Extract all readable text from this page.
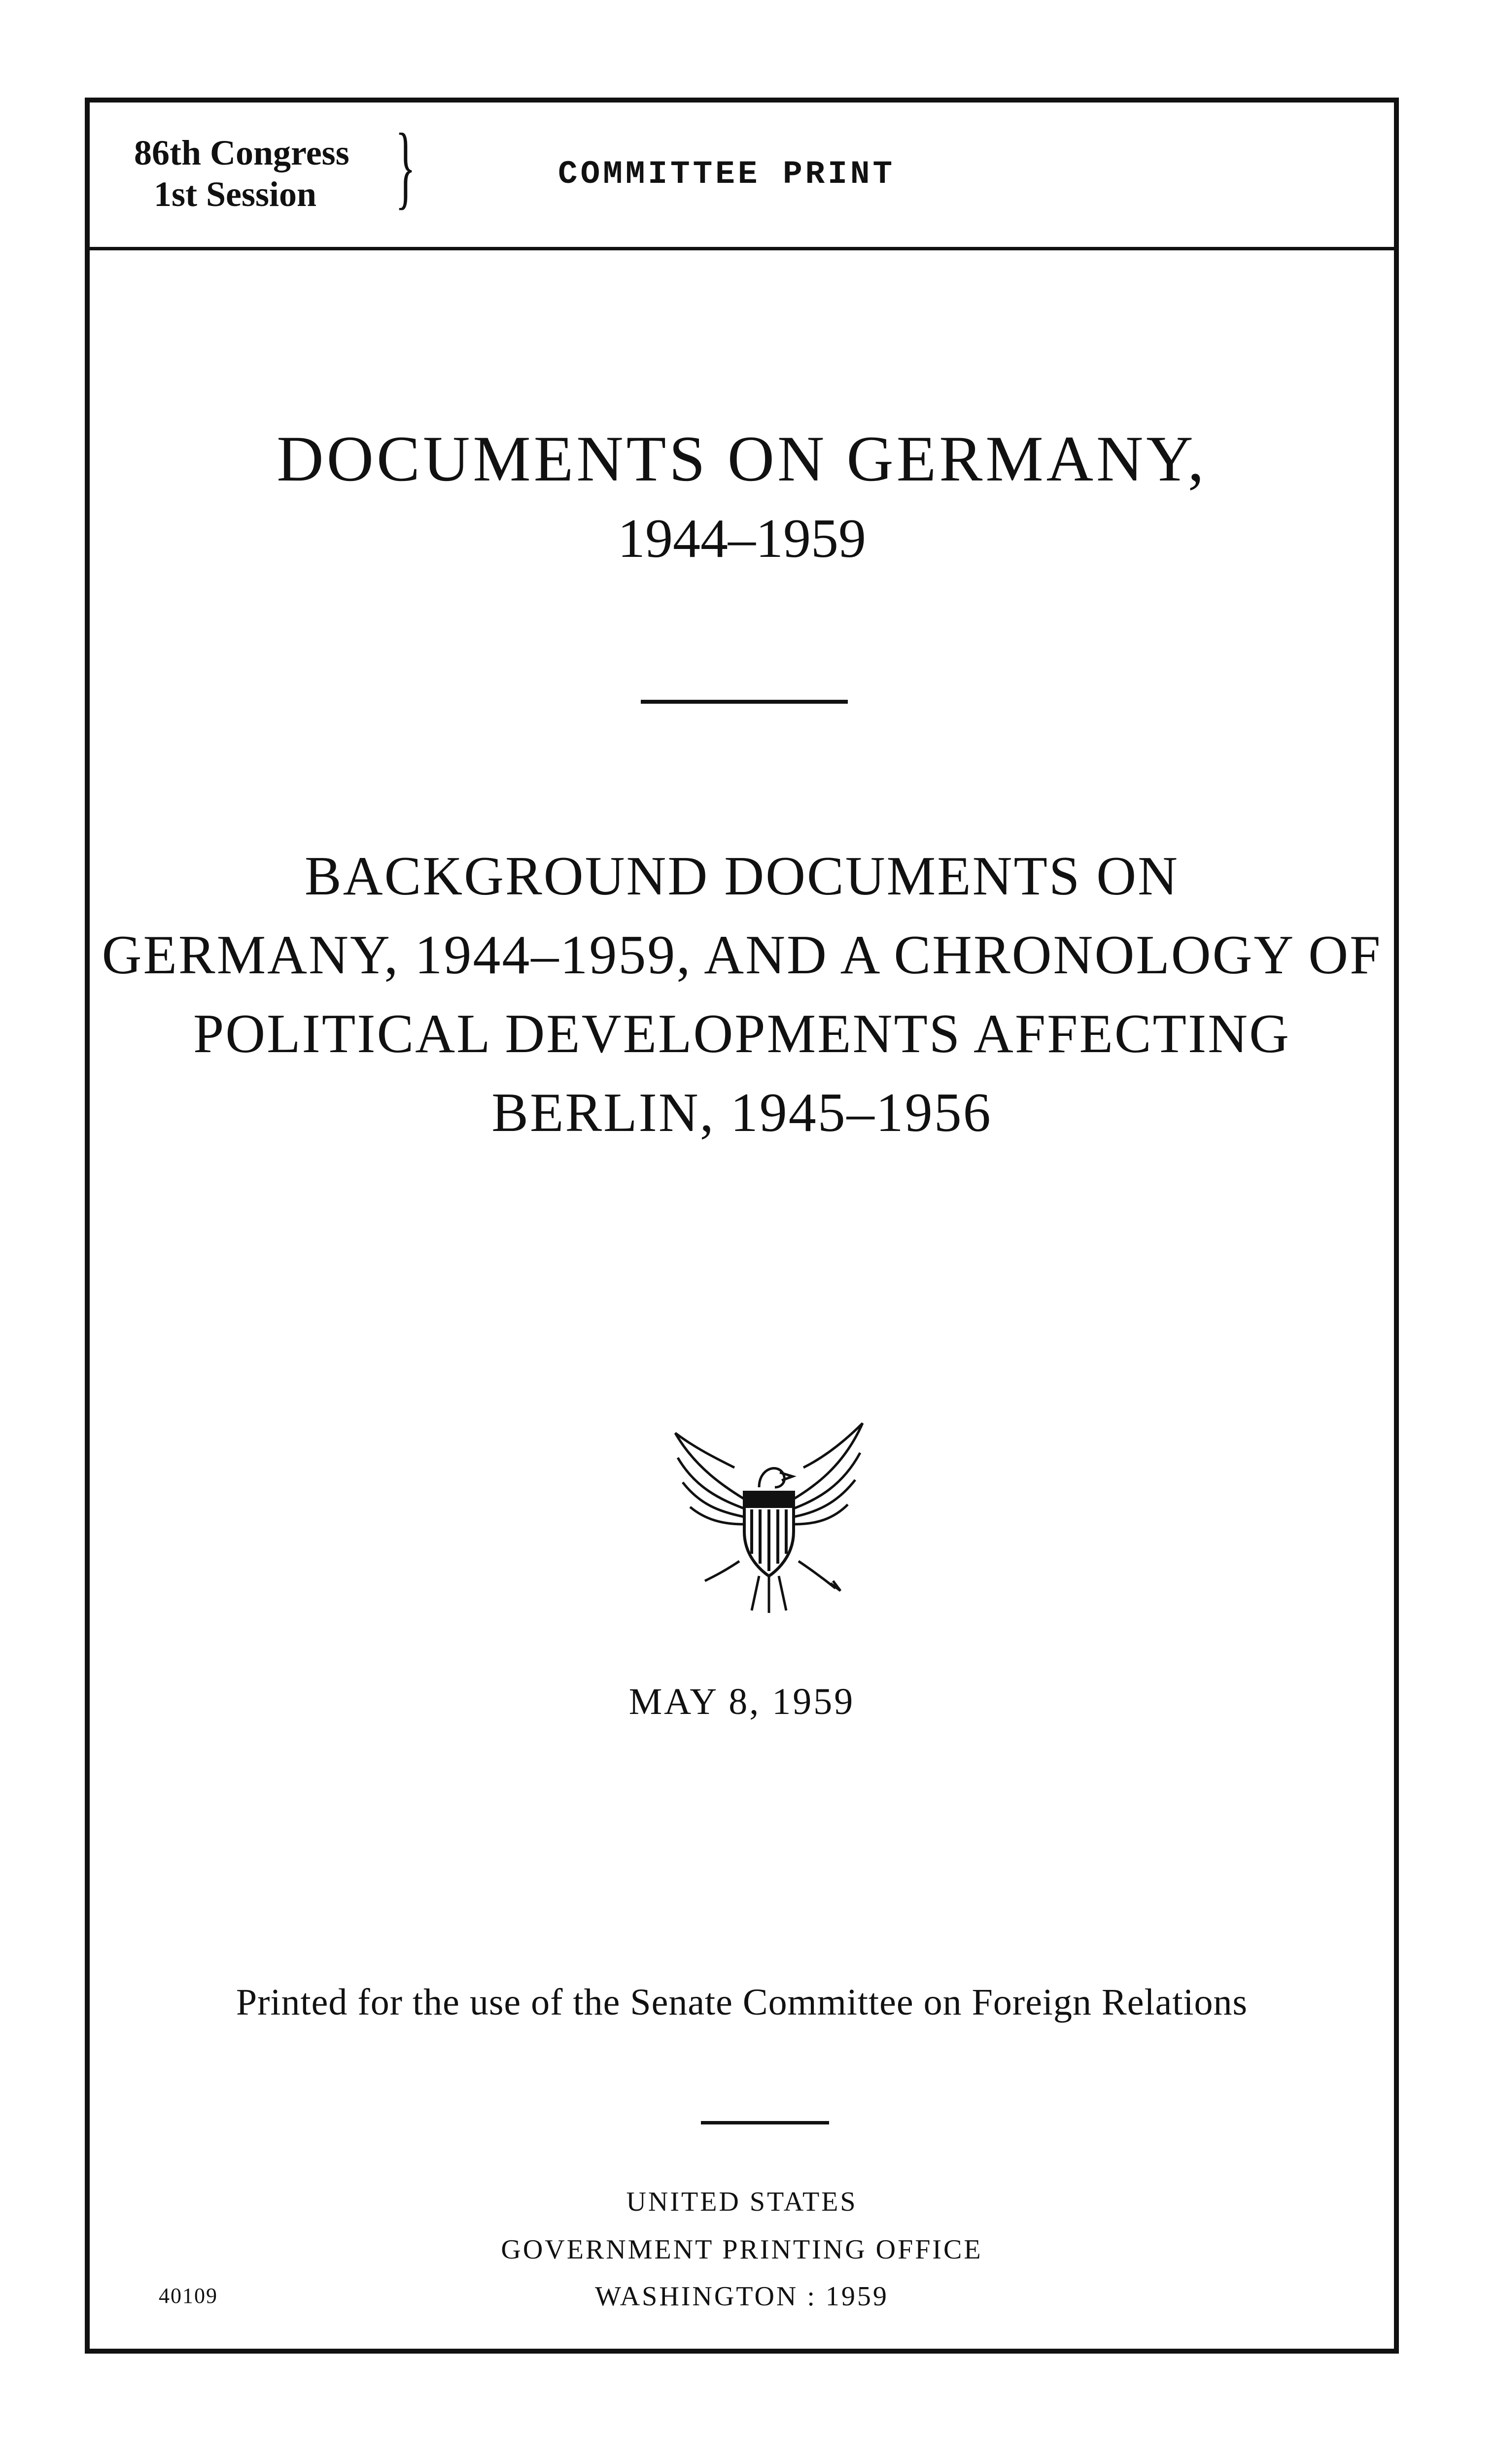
86th Congress
1st Session }	COMMITTEE PRINT
DOCUMENTS ON GERMANY,
1944–1959
BACKGROUND DOCUMENTS ON
GERMANY, 1944–1959, AND A CHRONOLOGY OF
POLITICAL DEVELOPMENTS AFFECTING
BERLIN, 1945–1956
MAY 8, 1959
Printed for the use of the Senate Committee on Foreign Relations
UNITED STATES
GOVERNMENT PRINTING OFFICE
WASHINGTON : 1959
40109
